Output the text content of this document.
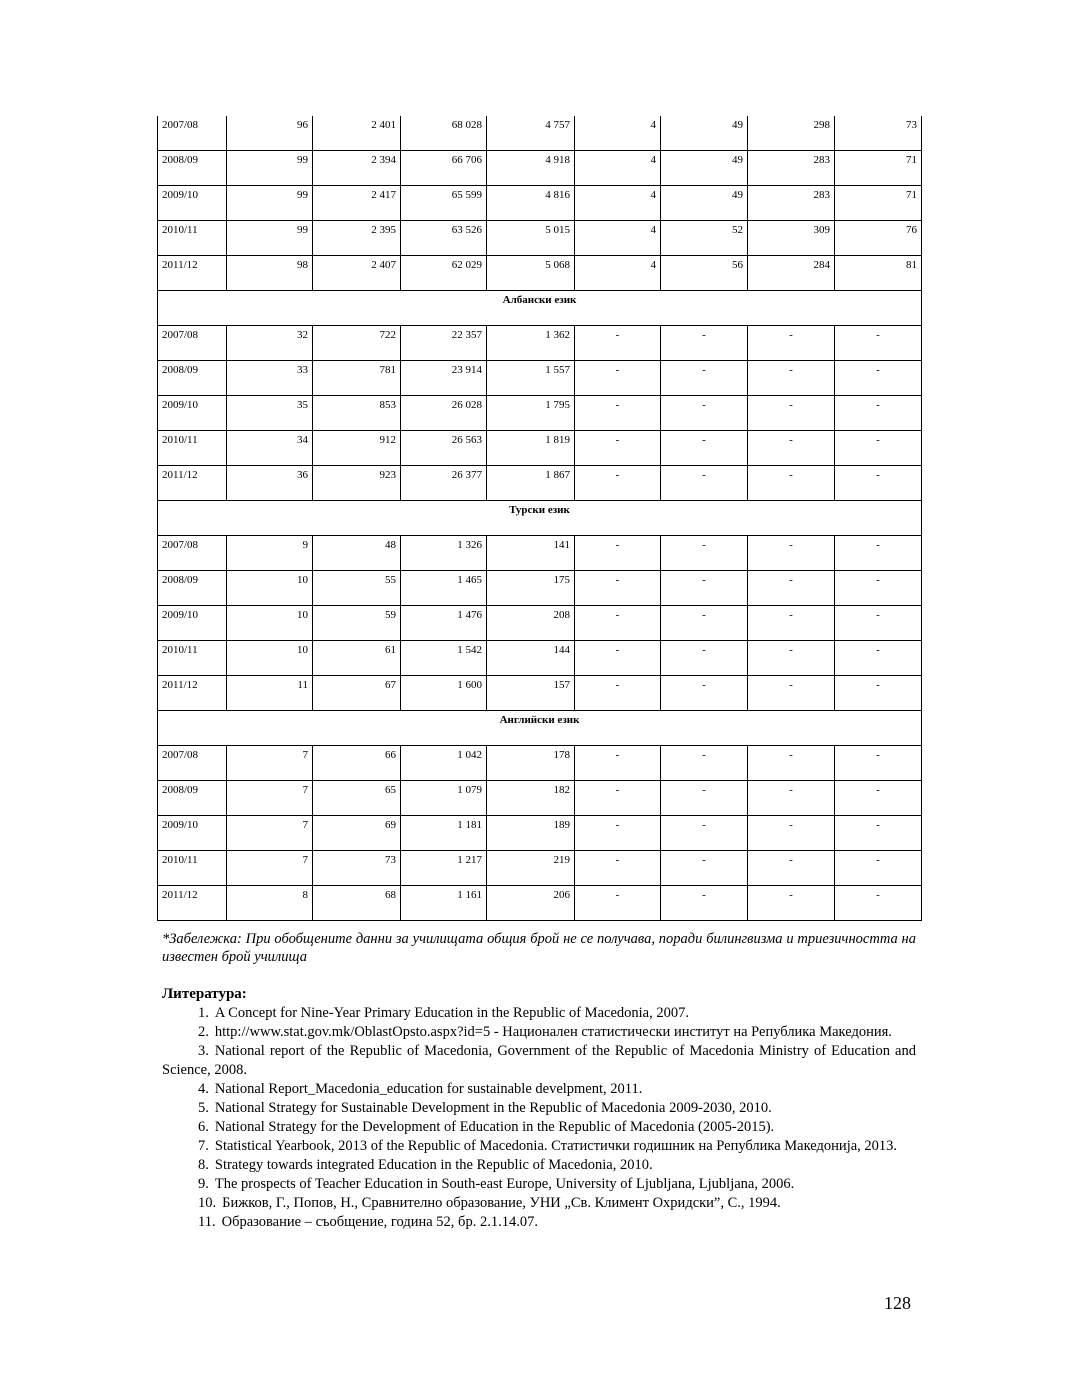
2007/08	96	2 401	68 028	4 757	4	49	298	73
2008/09	99	2 394	66 706	4 918	4	49	283	71
2009/10	99	2 417	65 599	4 816	4	49	283	71
2010/11	99	2 395	63 526	5 015	4	52	309	76
2011/12	98	2 407	62 029	5 068	4	56	284	81
Албански език								
2007/08	32	722	22 357	1 362	-	-	-	-
2008/09	33	781	23 914	1 557	-	-	-	-
2009/10	35	853	26 028	1 795	-	-	-	-
2010/11	34	912	26 563	1 819	-	-	-	-
2011/12	36	923	26 377	1 867	-	-	-	-
Турски език								
2007/08	9	48	1 326	141	-	-	-	-
2008/09	10	55	1 465	175	-	-	-	-
2009/10	10	59	1 476	208	-	-	-	-
2010/11	10	61	1 542	144	-	-	-	-
2011/12	11	67	1 600	157	-	-	-	-
Английски език								
2007/08	7	66	1 042	178	-	-	-	-
2008/09	7	65	1 079	182	-	-	-	-
2009/10	7	69	1 181	189	-	-	-	-
2010/11	7	73	1 217	219	-	-	-	-
2011/12	8	68	1 161	206	-	-	-	-
*Забележка: При обобщените данни за училищата общия брой не се получава, поради билингвизма и триезичността на известен брой училища
Литература:
1. A Concept for Nine-Year Primary Education in the Republic of Macedonia, 2007.
2. http://www.stat.gov.mk/OblastOpsto.aspx?id=5 - Национален статистически институт на Република Македония.
3. National report of the Republic of Macedonia, Government of the Republic of Macedonia Ministry of Education and Science, 2008.
4. National Report_Macedonia_education for sustainable develpment, 2011.
5. National Strategy for Sustainable Development in the Republic of Macedonia 2009-2030, 2010.
6. National Strategy for the Development of Education in the Republic of Macedonia (2005-2015).
7. Statistical Yearbook, 2013 of the Republic of Macedonia. Статистички годишник на Република Македонија, 2013.
8. Strategy towards integrated Education in the Republic of Macedonia, 2010.
9. The prospects of Teacher Education in South-east Europe, University of Ljubljana, Ljubljana, 2006.
10. Бижков, Г., Попов, Н., Сравнително образование, УНИ „Св. Климент Охридски”, С., 1994.
11. Образование – съобщение, година 52, бр. 2.1.14.07.
128
